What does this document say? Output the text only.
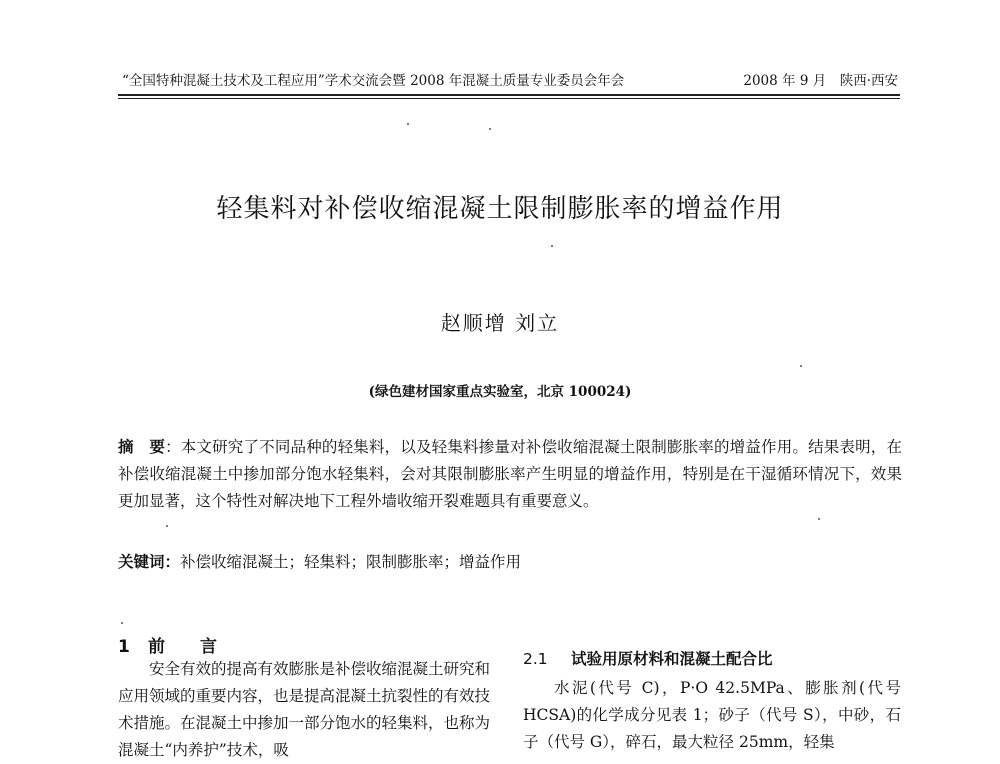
“全国特种混凝土技术及工程应用”学术交流会暨 2008 年混凝土质量专业委员会年会	2008 年 9 月　陕西·西安
轻集料对补偿收缩混凝土限制膨胀率的增益作用
赵顺增 刘立
(绿色建材国家重点实验室，北京 100024)
摘　要：本文研究了不同品种的轻集料，以及轻集料掺量对补偿收缩混凝土限制膨胀率的增益作用。结果表明，在补偿收缩混凝土中掺加部分饱水轻集料，会对其限制膨胀率产生明显的增益作用，特别是在干湿循环情况下，效果更加显著，这个特性对解决地下工程外墙收缩开裂难题具有重要意义。
关键词：补偿收缩混凝土；轻集料；限制膨胀率；增益作用
1 前 言

安全有效的提高有效膨胀是补偿收缩混凝土研究和应用领域的重要内容，也是提高混凝土抗裂性的有效技术措施。在混凝土中掺加一部分饱水的轻集料，也称为混凝土“内养护”技术，吸

2.1 试验用原材料和混凝土配合比

水泥(代号 C)，P·O 42.5MPa、膨胀剂(代号 HCSA)的化学成分见表 1；砂子（代号 S），中砂，石子（代号 G），碎石，最大粒径 25mm，轻集
